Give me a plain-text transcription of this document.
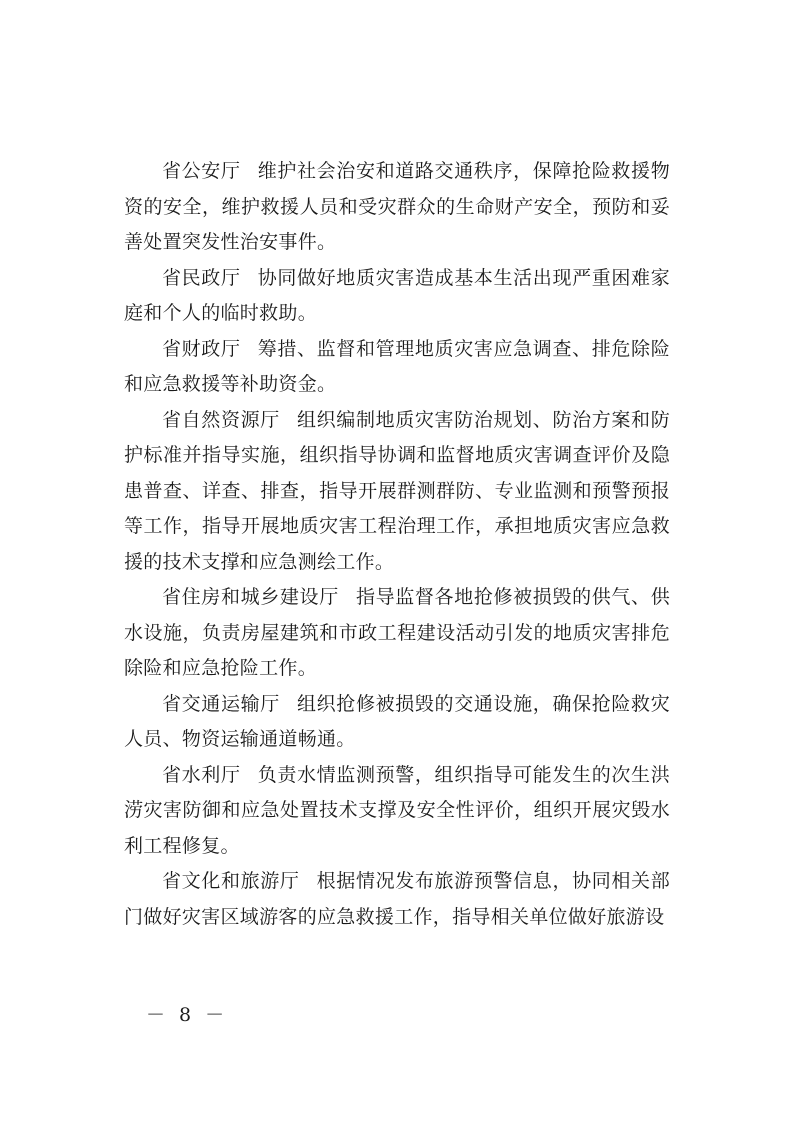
省公安厅 维护社会治安和道路交通秩序，保障抢险救援物资的安全，维护救援人员和受灾群众的生命财产安全，预防和妥善处置突发性治安事件。

省民政厅 协同做好地质灾害造成基本生活出现严重困难家庭和个人的临时救助。

省财政厅 筹措、监督和管理地质灾害应急调查、排危除险和应急救援等补助资金。

省自然资源厅 组织编制地质灾害防治规划、防治方案和防护标准并指导实施，组织指导协调和监督地质灾害调查评价及隐患普查、详查、排查，指导开展群测群防、专业监测和预警预报等工作，指导开展地质灾害工程治理工作，承担地质灾害应急救援的技术支撑和应急测绘工作。

省住房和城乡建设厅 指导监督各地抢修被损毁的供气、供水设施，负责房屋建筑和市政工程建设活动引发的地质灾害排危除险和应急抢险工作。

省交通运输厅 组织抢修被损毁的交通设施，确保抢险救灾人员、物资运输通道畅通。

省水利厅 负责水情监测预警，组织指导可能发生的次生洪涝灾害防御和应急处置技术支撑及安全性评价，组织开展灾毁水利工程修复。

省文化和旅游厅 根据情况发布旅游预警信息，协同相关部门做好灾害区域游客的应急救援工作，指导相关单位做好旅游设

－ 8 －
